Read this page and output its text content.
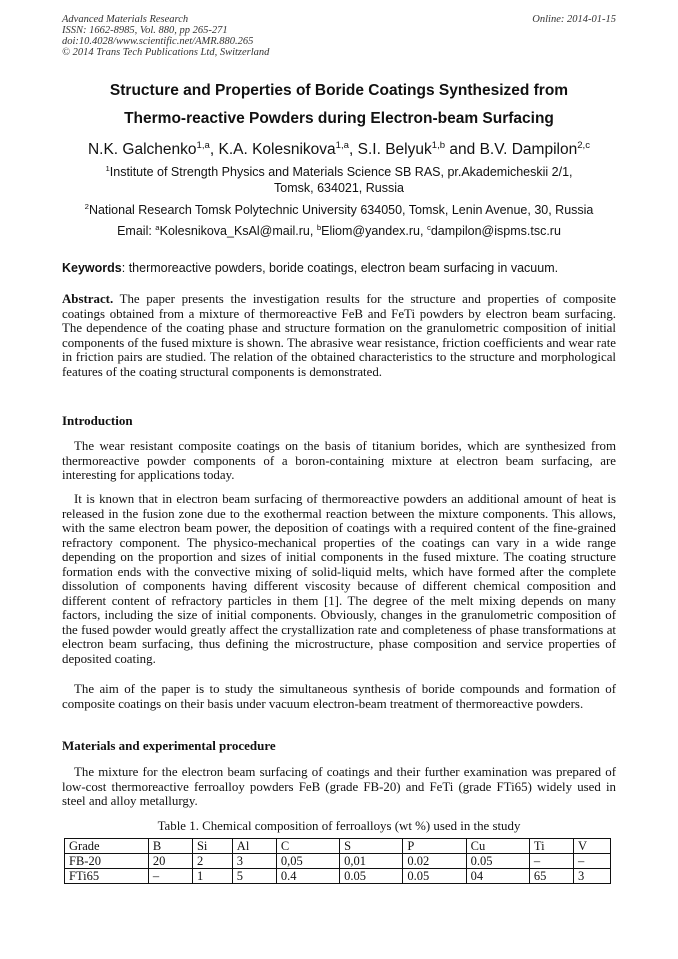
Advanced Materials Research
ISSN: 1662-8985, Vol. 880, pp 265-271
doi:10.4028/www.scientific.net/AMR.880.265
© 2014 Trans Tech Publications Ltd, Switzerland
Online: 2014-01-15
Structure and Properties of Boride Coatings Synthesized from
Thermo-reactive Powders during Electron-beam Surfacing
N.K. Galchenko$^{1,a}$, K.A. Kolesnikova$^{1,a}$, S.I. Belyuk$^{1,b}$ and B.V. Dampilon$^{2,c}$
$^1$Institute of Strength Physics and Materials Science SB RAS, pr.Akademicheskii 2/1, Tomsk, 634021, Russia
$^2$National Research Tomsk Polytechnic University 634050, Tomsk, Lenin Avenue, 30, Russia
Email: $^a$Kolesnikova_KsAl@mail.ru, $^b$Eliom@yandex.ru, $^c$dampilon@ispms.tsc.ru
Keywords: thermoreactive powders, boride coatings, electron beam surfacing in vacuum.
Abstract. The paper presents the investigation results for the structure and properties of composite coatings obtained from a mixture of thermoreactive FeB and FeTi powders by electron beam surfacing. The dependence of the coating phase and structure formation on the granulometric composition of initial components of the fused mixture is shown. The abrasive wear resistance, friction coefficients and wear rate in friction pairs are studied. The relation of the obtained characteristics to the structure and morphological features of the coating structural components is demonstrated.
Introduction
The wear resistant composite coatings on the basis of titanium borides, which are synthesized from thermoreactive powder components of a boron-containing mixture at electron beam surfacing, are interesting for applications today.
It is known that in electron beam surfacing of thermoreactive powders an additional amount of heat is released in the fusion zone due to the exothermal reaction between the mixture components. This allows, with the same electron beam power, the deposition of coatings with a required content of the fine-grained refractory component. The physico-mechanical properties of the coatings can vary in a wide range depending on the proportion and sizes of initial components in the fused mixture. The coating structure formation ends with the convective mixing of solid-liquid melts, which have formed after the complete dissolution of components having different viscosity because of different chemical composition and different content of refractory particles in them [1]. The degree of the melt mixing depends on many factors, including the size of initial components. Obviously, changes in the granulometric composition of the fused powder would greatly affect the crystallization rate and completeness of phase transformations at electron beam surfacing, thus defining the microstructure, phase composition and service properties of deposited coating.
The aim of the paper is to study the simultaneous synthesis of boride compounds and formation of composite coatings on their basis under vacuum electron-beam treatment of thermoreactive powders.
Materials and experimental procedure
The mixture for the electron beam surfacing of coatings and their further examination was prepared of low-cost thermoreactive ferroalloy powders FeB (grade FB-20) and FeTi (grade FTi65) widely used in steel and alloy metallurgy.
Table 1. Chemical composition of ferroalloys (wt %) used in the study
Grade	B	Si	Al	C	S	P	Cu	Ti	V
FB-20	20	2	3	0,05	0,01	0.02	0.05	–	–
FTi65	–	1	5	0.4	0.05	0.05	04	65	3
